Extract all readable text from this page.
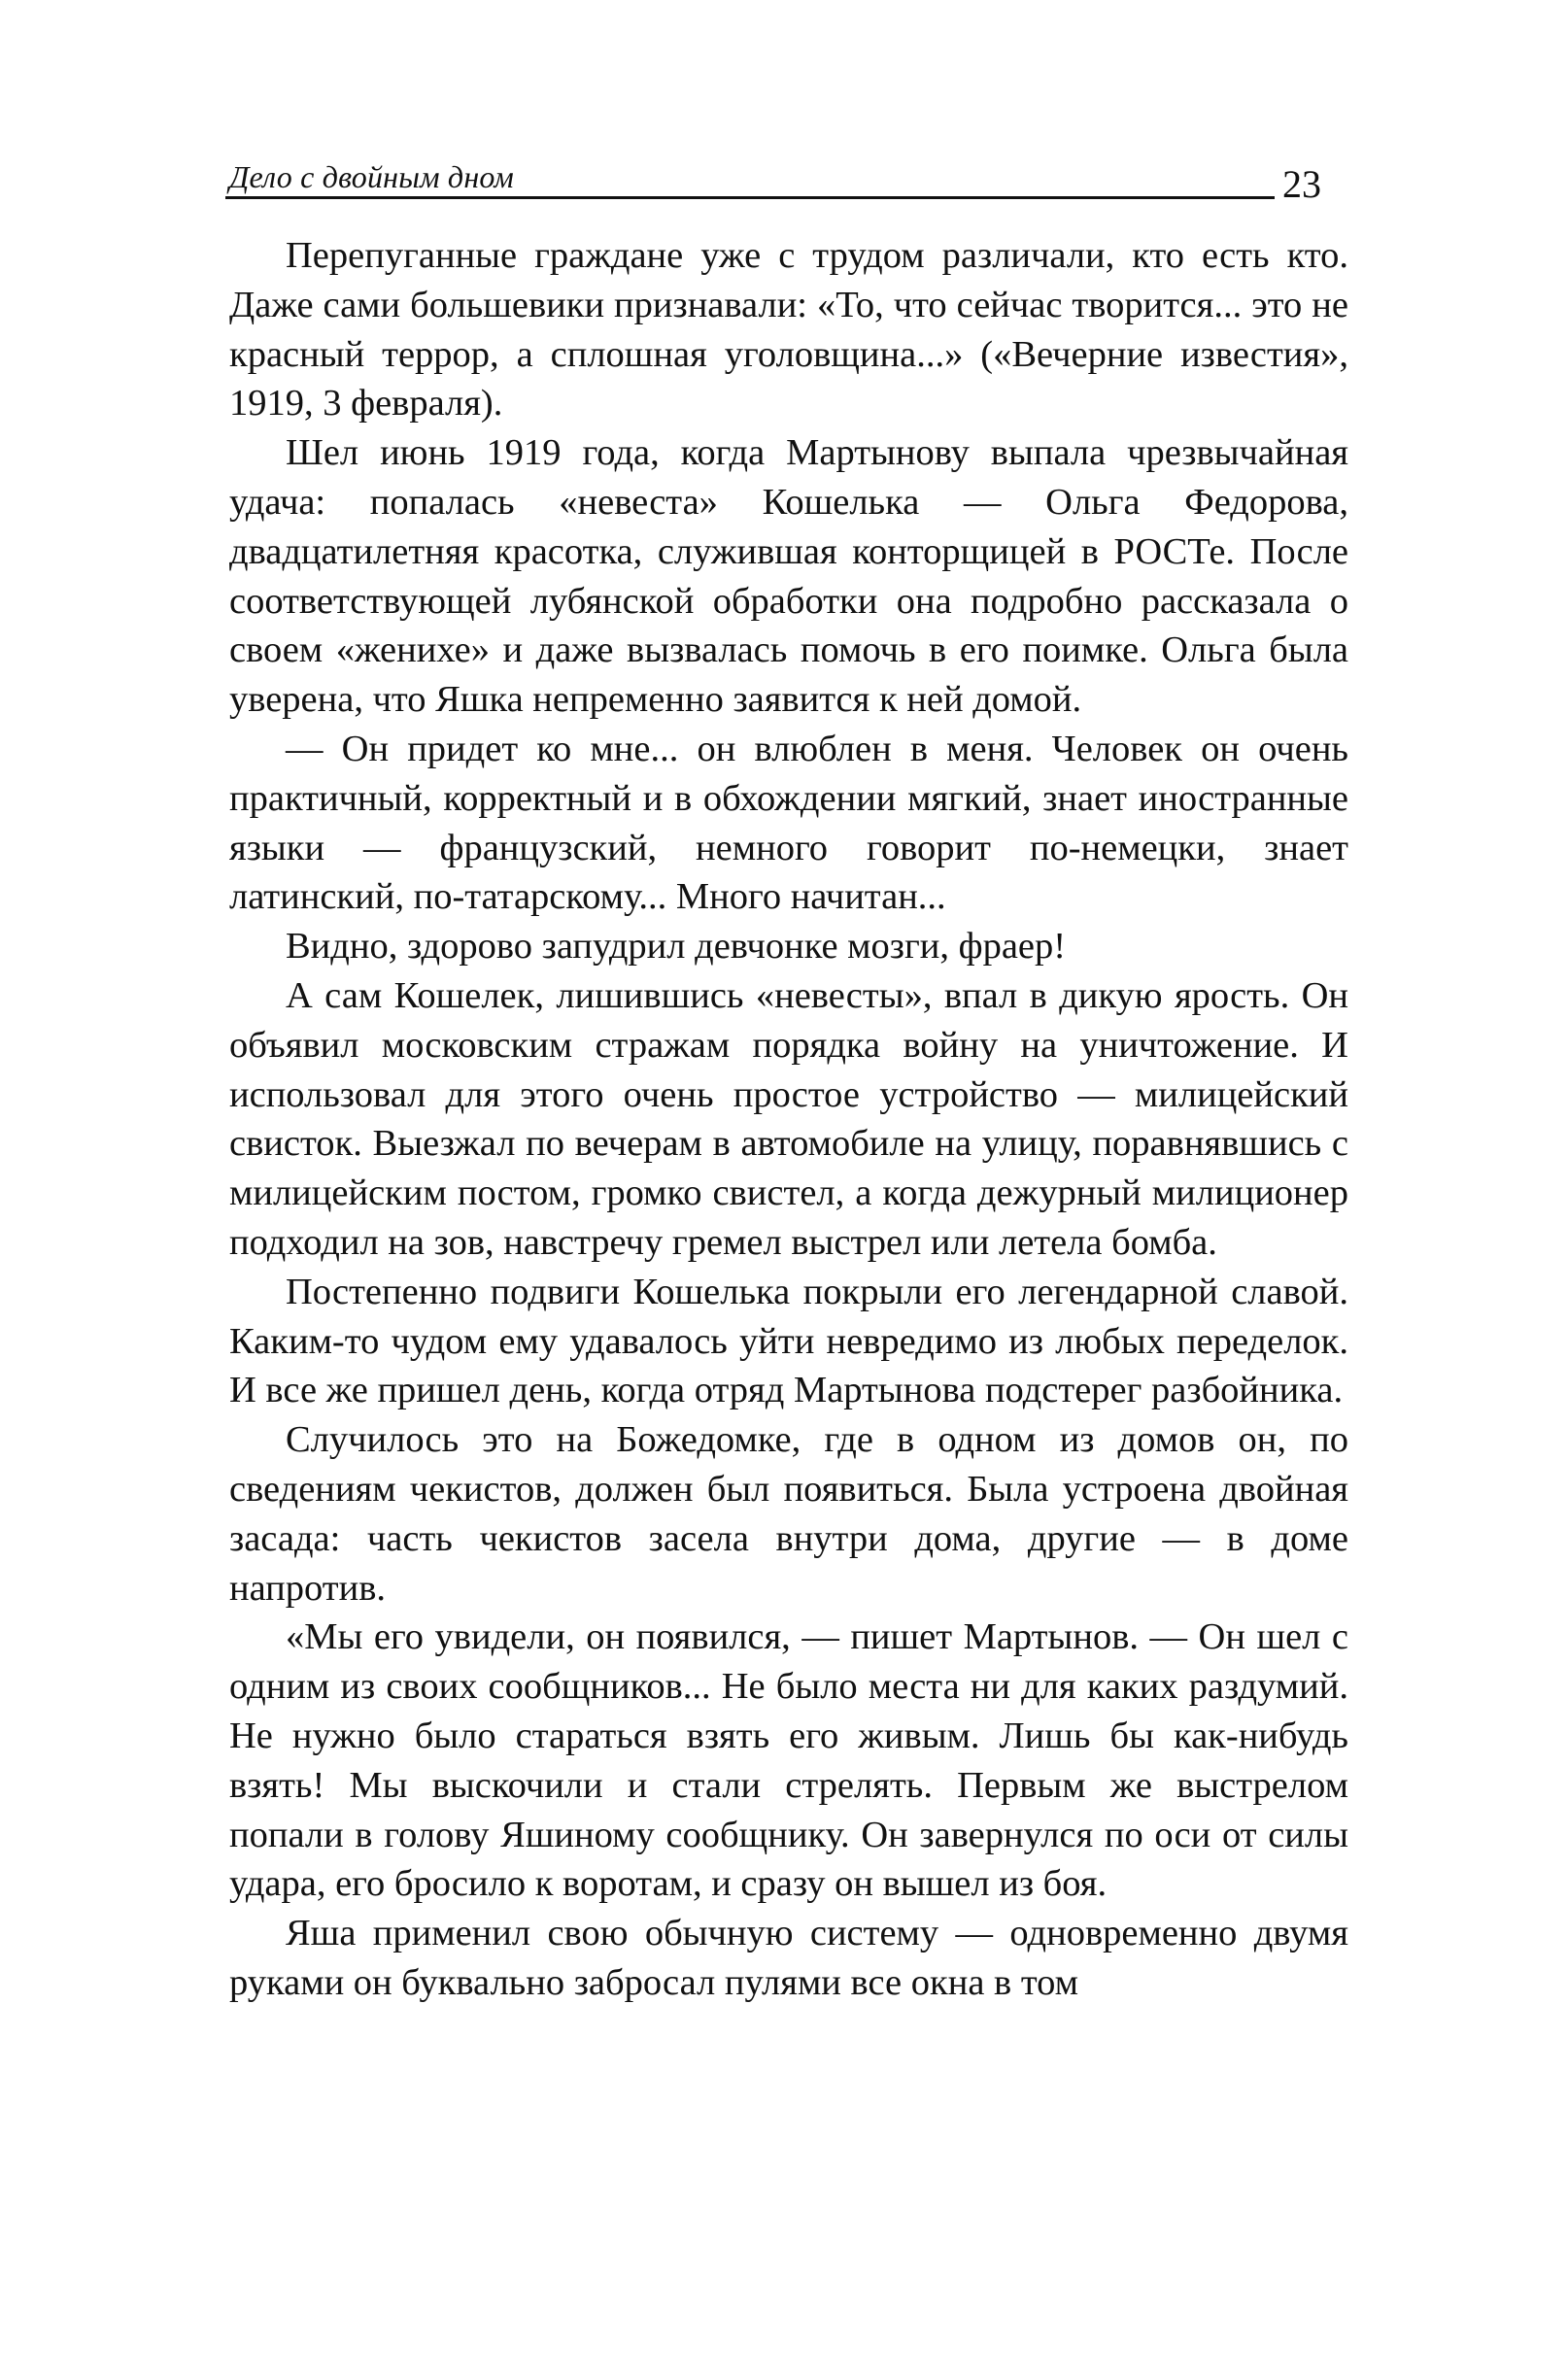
Дело с двойным дном	23

Перепуганные граждане уже с трудом различали, кто есть кто. Даже сами большевики признавали: «То, что сейчас творится... это не красный террор, а сплошная уголовщина...» («Вечерние известия», 1919, 3 февраля).

Шел июнь 1919 года, когда Мартынову выпала чрезвычайная удача: попалась «невеста» Кошелька — Ольга Федорова, двадцатилетняя красотка, служившая конторщицей в РОСТе. После соответствующей лубянской обработки она подробно рассказала о своем «женихе» и даже вызвалась помочь в его поимке. Ольга была уверена, что Яшка непременно заявится к ней домой.

— Он придет ко мне... он влюблен в меня. Человек он очень практичный, корректный и в обхождении мягкий, знает иностранные языки — французский, немного говорит по-немецки, знает латинский, по-татарскому... Много начитан...

Видно, здорово запудрил девчонке мозги, фраер!

А сам Кошелек, лишившись «невесты», впал в дикую ярость. Он объявил московским стражам порядка войну на уничтожение. И использовал для этого очень простое устройство — милицейский свисток. Выезжал по вечерам в автомобиле на улицу, поравнявшись с милицейским постом, громко свистел, а когда дежурный милиционер подходил на зов, навстречу гремел выстрел или летела бомба.

Постепенно подвиги Кошелька покрыли его легендарной славой. Каким-то чудом ему удавалось уйти невредимо из любых переделок. И все же пришел день, когда отряд Мартынова подстерег разбойника.

Случилось это на Божедомке, где в одном из домов он, по сведениям чекистов, должен был появиться. Была устроена двойная засада: часть чекистов засела внутри дома, другие — в доме напротив.

«Мы его увидели, он появился, — пишет Мартынов. — Он шел с одним из своих сообщников... Не было места ни для каких раздумий. Не нужно было стараться взять его живым. Лишь бы как-нибудь взять! Мы выскочили и стали стрелять. Первым же выстрелом попали в голову Яшиному сообщнику. Он завернулся по оси от силы удара, его бросило к воротам, и сразу он вышел из боя.

Яша применил свою обычную систему — одновременно двумя руками он буквально забросал пулями все окна в том
